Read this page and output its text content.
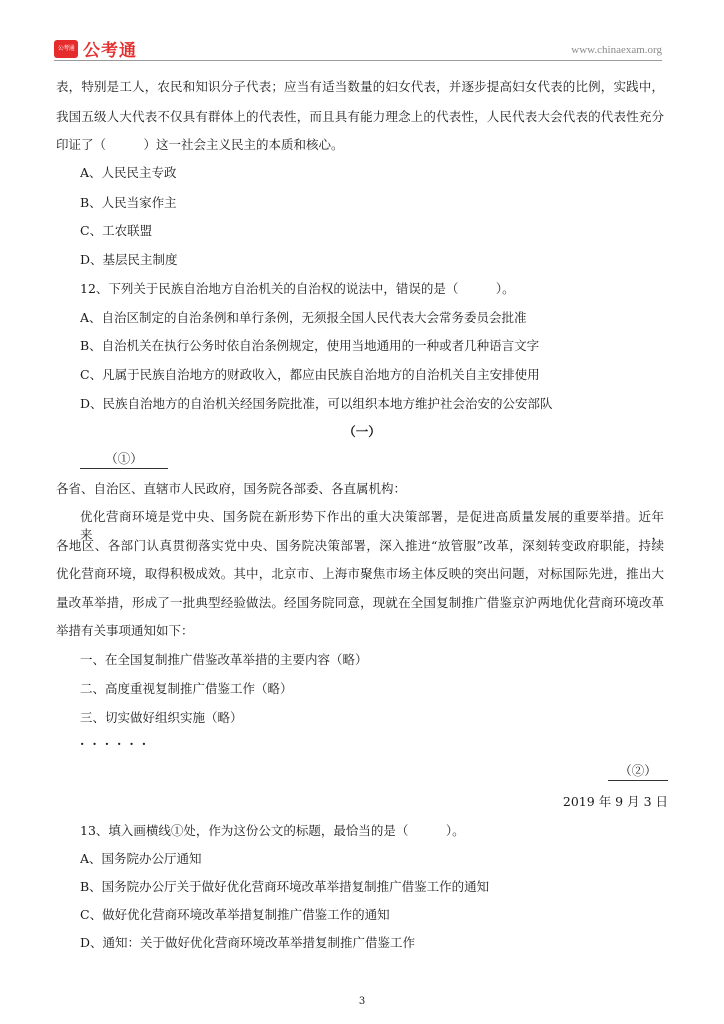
公考通 公考通	www.chinaexam.org
表，特别是工人，农民和知识分子代表；应当有适当数量的妇女代表，并逐步提高妇女代表的比例，实践中，
我国五级人大代表不仅具有群体上的代表性，而且具有能力理念上的代表性，人民代表大会代表的代表性充分
印证了（　　　）这一社会主义民主的本质和核心。
A、人民民主专政
B、人民当家作主
C、工农联盟
D、基层民主制度
12、下列关于民族自治地方自治机关的自治权的说法中，错误的是（　　　）。
A、自治区制定的自治条例和单行条例，无须报全国人民代表大会常务委员会批准
B、自治机关在执行公务时依自治条例规定，使用当地通用的一种或者几种语言文字
C、凡属于民族自治地方的财政收入，都应由民族自治地方的自治机关自主安排使用
D、民族自治地方的自治机关经国务院批准，可以组织本地方维护社会治安的公安部队
（一）
（①）
各省、自治区、直辖市人民政府，国务院各部委、各直属机构：
优化营商环境是党中央、国务院在新形势下作出的重大决策部署，是促进高质量发展的重要举措。近年来，
各地区、各部门认真贯彻落实党中央、国务院决策部署，深入推进“放管服”改革，深刻转变政府职能，持续
优化营商环境，取得积极成效。其中，北京市、上海市聚焦市场主体反映的突出问题，对标国际先进，推出大
量改革举措，形成了一批典型经验做法。经国务院同意，现就在全国复制推广借鉴京沪两地优化营商环境改革
举措有关事项通知如下：
一、在全国复制推广借鉴改革举措的主要内容（略）
二、高度重视复制推广借鉴工作（略）
三、切实做好组织实施（略）
······
（②）
2019 年 9 月 3 日
13、填入画横线①处，作为这份公文的标题，最恰当的是（　　　）。
A、国务院办公厅通知
B、国务院办公厅关于做好优化营商环境改革举措复制推广借鉴工作的通知
C、做好优化营商环境改革举措复制推广借鉴工作的通知
D、通知：关于做好优化营商环境改革举措复制推广借鉴工作
3
